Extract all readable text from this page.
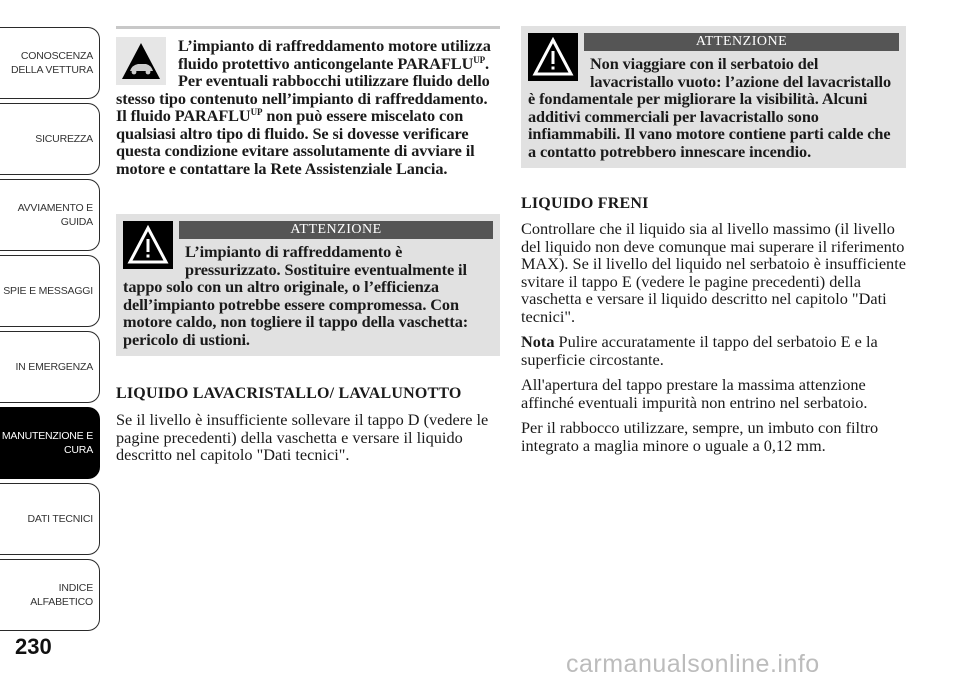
CONOSCENZA
DELLA VETTURA
SICUREZZA
AVVIAMENTO E
GUIDA
SPIE E MESSAGGI
IN EMERGENZA
MANUTENZIONE E
CURA
DATI TECNICI
INDICE
ALFABETICO
230

L’impianto di raffreddamento motore utilizza fluido protettivo anticongelante $PARAFLU^{UP}$. Per eventuali rabbocchi utilizzare fluido dello stesso tipo contenuto nell’impianto di raffreddamento. Il fluido $PARAFLU^{UP}$ non può essere miscelato con qualsiasi altro tipo di fluido. Se si dovesse verificare questa condizione evitare assolutamente di avviare il motore e contattare la Rete Assistenziale Lancia.

ATTENZIONE

L’impianto di raffreddamento è pressurizzato. Sostituire eventualmente il tappo solo con un altro originale, o l’efficienza dell’impianto potrebbe essere compromessa. Con motore caldo, non togliere il tappo della vaschetta: pericolo di ustioni.

LIQUIDO LAVACRISTALLO/ LAVALUNOTTO

Se il livello è insufficiente sollevare il tappo D (vedere le pagine precedenti) della vaschetta e versare il liquido descritto nel capitolo "Dati tecnici".

ATTENZIONE

Non viaggiare con il serbatoio del lavacristallo vuoto: l’azione del lavacristallo è fondamentale per migliorare la visibilità. Alcuni additivi commerciali per lavacristallo sono infiammabili. Il vano motore contiene parti calde che a contatto potrebbero innescare incendio.

LIQUIDO FRENI

Controllare che il liquido sia al livello massimo (il livello del liquido non deve comunque mai superare il riferimento MAX). Se il livello del liquido nel serbatoio è insufficiente svitare il tappo E (vedere le pagine precedenti) della vaschetta e versare il liquido descritto nel capitolo "Dati tecnici".

Nota Pulire accuratamente il tappo del serbatoio E e la superficie circostante.

All'apertura del tappo prestare la massima attenzione affinché eventuali impurità non entrino nel serbatoio.

Per il rabbocco utilizzare, sempre, un imbuto con filtro integrato a maglia minore o uguale a 0,12 mm.

carmanualsonline.info
